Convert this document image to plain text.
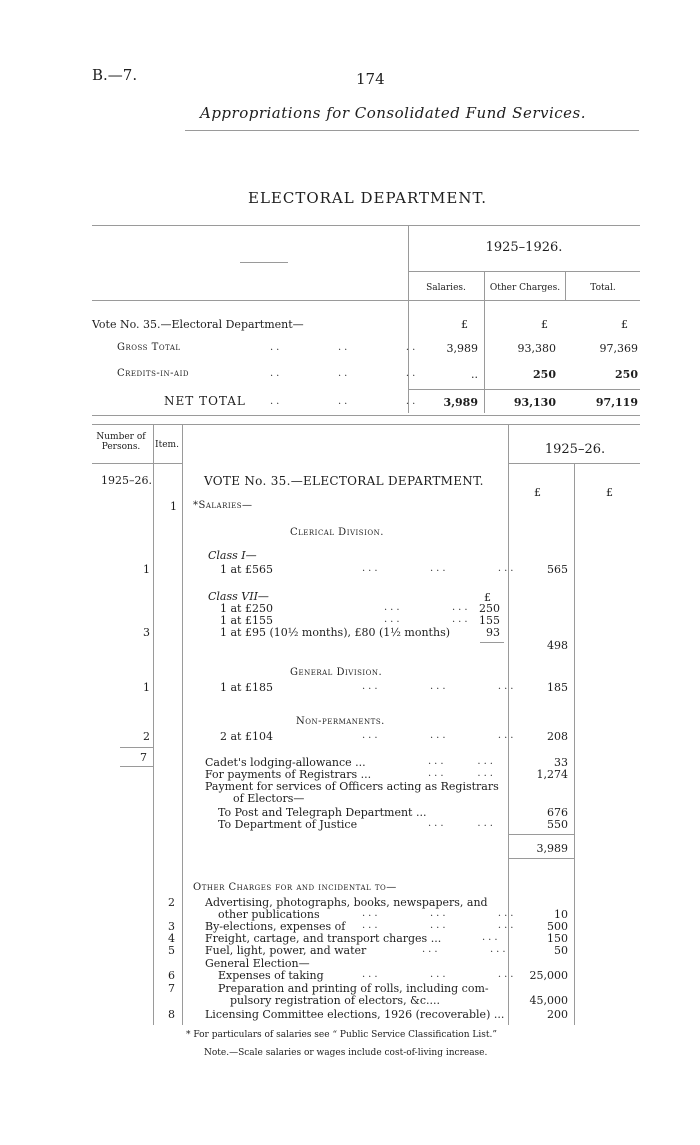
B.—7.	174
Appropriations for Consolidated Fund Services.
ELECTORAL DEPARTMENT.
1925–1926.
Salaries.	Other Charges.	Total.
Vote No. 35.—Electoral Department—	£	£	£
Gross Total	..         ..         ..	3,989	93,380	97,369
Credits-in-aid	..         ..         ..	..	250	250
NET TOTAL ..         ..         ..	3,989	93,130	97,119
Number of Persons.	Item.	1925–26.
1925–26.	VOTE No. 35.—ELECTORAL DEPARTMENT.
£	£
1 *Salaries—
Clerical Division.
Class I—
1	1 at £565	...        ...        ...	565
Class VII—	£
1 at £250	...        ... 250
1 at £155	...        ... 155
3	1 at £95 (10½ months), £80 (1½ months)	93
498
General Division.
1	1 at £185	...        ...        ...	185
Non-permanents.
2	2 at £104	...        ...        ...	208
7	Cadet's lodging-allowance ...	...     ...	33
For payments of Registrars ...	...     ...	1,274
Payment for services of Officers acting as Registrars
of Electors—
To Post and Telegraph Department ...	676
To Department of Justice	...     ...	550
3,989
Other Charges for and incidental to—
2	Advertising, photographs, books, newspapers, and
other publications	...        ...        ...	10
3	By-elections, expenses of ...        ...        ...	500
4	Freight, cartage, and transport charges ...	...	150
5	Fuel, light, power, and water	...        ...	50
General Election—
6	Expenses of taking	...        ...        ...	25,000
7	Preparation and printing of rolls, including com-
pulsory registration of electors, &c....	45,000
8	Licensing Committee elections, 1926 (recoverable) ...	200
* For particulars of salaries see “ Public Service Classification List.”
Note.—Scale salaries or wages include cost-of-living increase.
